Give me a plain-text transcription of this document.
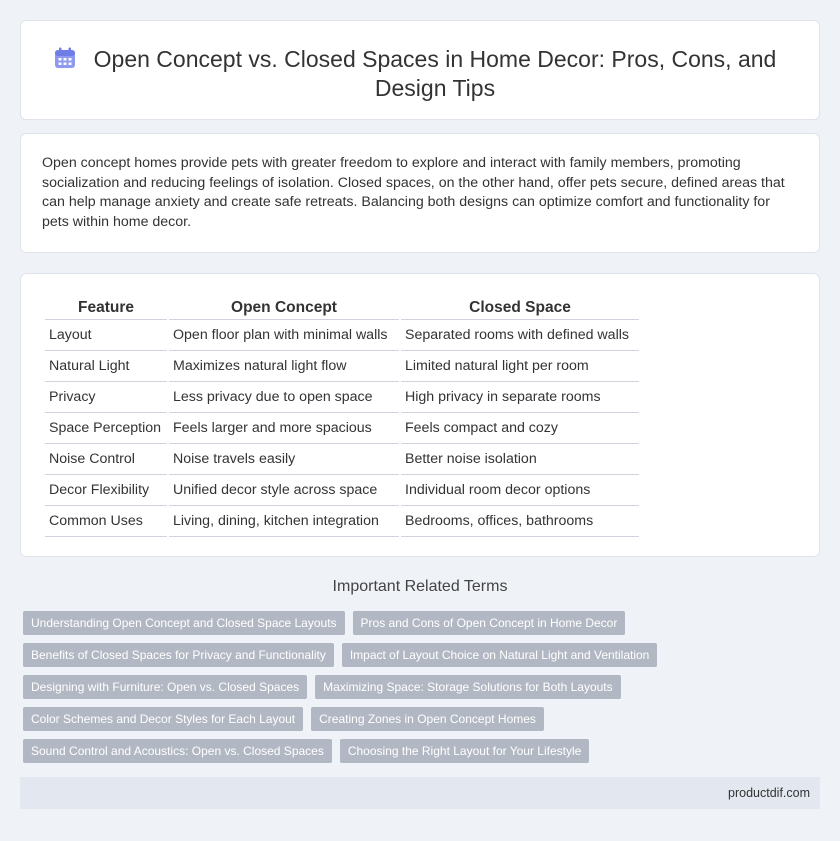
Open Concept vs. Closed Spaces in Home Decor: Pros, Cons, and Design Tips

Open concept homes provide pets with greater freedom to explore and interact with family members, promoting socialization and reducing feelings of isolation. Closed spaces, on the other hand, offer pets secure, defined areas that can help manage anxiety and create safe retreats. Balancing both designs can optimize comfort and functionality for pets within home decor.

Feature	Open Concept	Closed Space
Layout	Open floor plan with minimal walls	Separated rooms with defined walls
Natural Light	Maximizes natural light flow	Limited natural light per room
Privacy	Less privacy due to open space	High privacy in separate rooms
Space Perception	Feels larger and more spacious	Feels compact and cozy
Noise Control	Noise travels easily	Better noise isolation
Decor Flexibility	Unified decor style across space	Individual room decor options
Common Uses	Living, dining, kitchen integration	Bedrooms, offices, bathrooms
Important Related Terms
Understanding Open Concept and Closed Space Layouts	Pros and Cons of Open Concept in Home Decor
Benefits of Closed Spaces for Privacy and Functionality	Impact of Layout Choice on Natural Light and Ventilation
Designing with Furniture: Open vs. Closed Spaces	Maximizing Space: Storage Solutions for Both Layouts
Color Schemes and Decor Styles for Each Layout	Creating Zones in Open Concept Homes
Sound Control and Acoustics: Open vs. Closed Spaces	Choosing the Right Layout for Your Lifestyle
productdif.com
